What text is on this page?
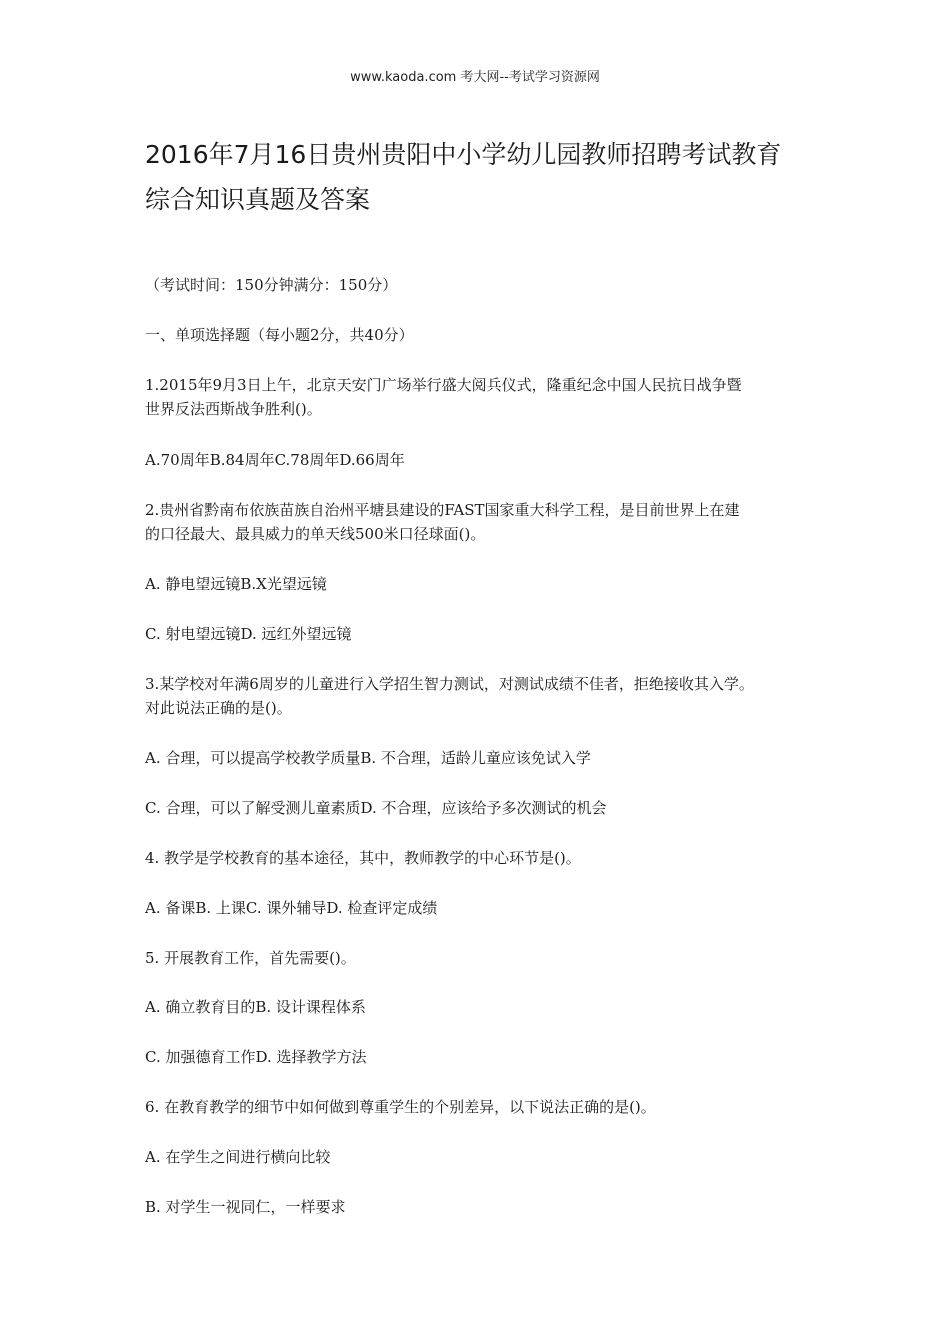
www.kaoda.com 考大网--考试学习资源网
2016年7月16日贵州贵阳中小学幼儿园教师招聘考试教育
综合知识真题及答案
（考试时间：150分钟满分：150分）
一、单项选择题（每小题2分，共40分）
1.2015年9月3日上午，北京天安门广场举行盛大阅兵仪式，隆重纪念中国人民抗日战争暨
世界反法西斯战争胜利()。
A.70周年B.84周年C.78周年D.66周年
2.贵州省黔南布依族苗族自治州平塘县建设的FAST国家重大科学工程，是目前世界上在建
的口径最大、最具威力的单天线500米口径球面()。
A. 静电望远镜B.X光望远镜
C. 射电望远镜D. 远红外望远镜
3.某学校对年满6周岁的儿童进行入学招生智力测试，对测试成绩不佳者，拒绝接收其入学。
对此说法正确的是()。
A. 合理，可以提高学校教学质量B. 不合理，适龄儿童应该免试入学
C. 合理，可以了解受测儿童素质D. 不合理，应该给予多次测试的机会
4. 教学是学校教育的基本途径，其中，教师教学的中心环节是()。
A. 备课B. 上课C. 课外辅导D. 检查评定成绩
5. 开展教育工作，首先需要()。
A. 确立教育目的B. 设计课程体系
C. 加强德育工作D. 选择教学方法
6. 在教育教学的细节中如何做到尊重学生的个别差异，以下说法正确的是()。
A. 在学生之间进行横向比较
B. 对学生一视同仁，一样要求
